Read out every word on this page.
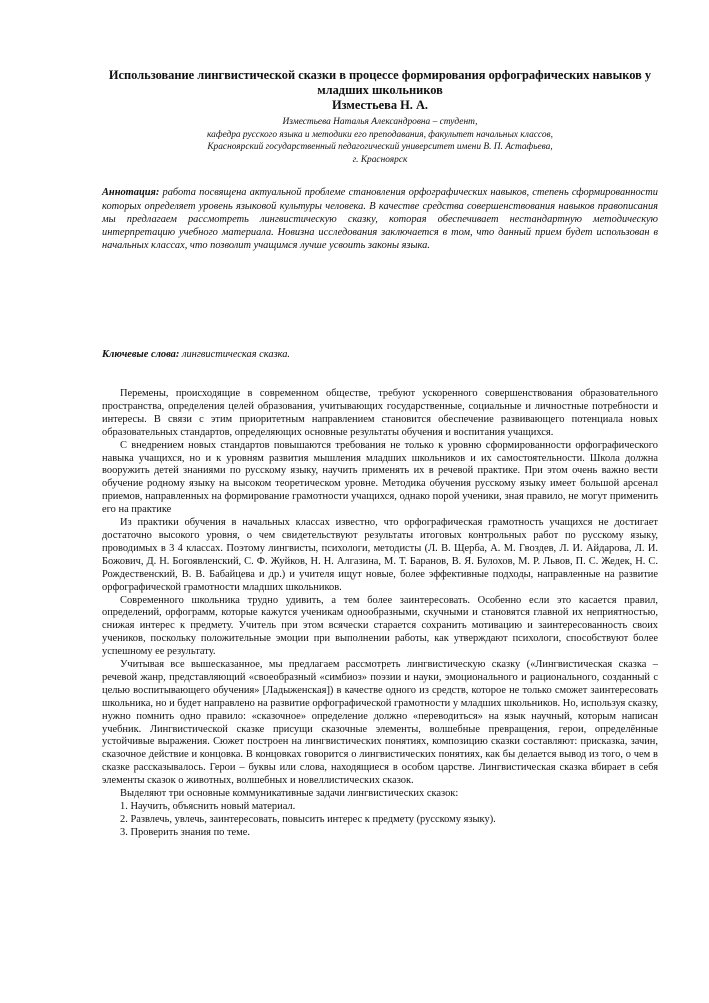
Использование лингвистической сказки в процессе формирования орфографических навыков у младших школьников

Изместьева Н. А.

Изместьева Наталья Александровна – студент,

кафедра русского языка и методики его преподавания, факультет начальных классов,

Красноярский государственный педагогический университет имени В. П. Астафьева,

г. Красноярск

Аннотация: работа посвящена актуальной проблеме становления орфографических навыков, степень сформированности которых определяет уровень языковой культуры человека. В качестве средства совершенствования навыков правописания мы предлагаем рассмотреть лингвистическую сказку, которая обеспечивает нестандартную методическую интерпретацию учебного материала. Новизна исследования заключается в том, что данный прием будет использован в начальных классах, что позволит учащимся лучше усвоить законы языка.
Ключевые слова: лингвистическая сказка.

Перемены, происходящие в современном обществе, требуют ускоренного совершенствования образовательного пространства, определения целей образования, учитывающих государственные, социальные и личностные потребности и интересы. В связи с этим приоритетным направлением становится обеспечение развивающего потенциала новых образовательных стандартов, определяющих основные результаты обучения и воспитания учащихся.

С внедрением новых стандартов повышаются требования не только к уровню сформированности орфографического навыка учащихся, но и к уровням развития мышления младших школьников и их самостоятельности. Школа должна вооружить детей знаниями по русскому языку, научить применять их в речевой практике. При этом очень важно вести обучение родному языку на высоком теоретическом уровне. Методика обучения русскому языку имеет большой арсенал приемов, направленных на формирование грамотности учащихся, однако порой ученики, зная правило, не могут применить его на практике

Из практики обучения в начальных классах известно, что орфографическая грамотность учащихся не достигает достаточно высокого уровня, о чем свидетельствуют результаты итоговых контрольных работ по русскому языку, проводимых в 3 4 классах. Поэтому лингвисты, психологи, методисты (Л. В. Щерба, А. М. Гвоздев, Л. И. Айдарова, Л. И. Божович, Д. Н. Богоявленский, С. Ф. Жуйков, Н. Н. Алгазина, М. Т. Баранов, В. Я. Булохов, М. Р. Львов, П. С. Жедек, Н. С. Рождественский, В. В. Бабайцева и др.) и учителя ищут новые, более эффективные подходы, направленные на развитие орфографической грамотности младших школьников.

Современного школьника трудно удивить, а тем более заинтересовать. Особенно если это касается правил, определений, орфограмм, которые кажутся ученикам однообразными, скучными и становятся главной их неприятностью, снижая интерес к предмету. Учитель при этом всячески старается сохранить мотивацию и заинтересованность своих учеников, поскольку положительные эмоции при выполнении работы, как утверждают психологи, способствуют более успешному ее результату.

Учитывая все вышесказанное, мы предлагаем рассмотреть лингвистическую сказку («Лингвистическая сказка – речевой жанр, представляющий «своеобразный «симбиоз» поэзии и науки, эмоционального и рационального, созданный с целью воспитывающего обучения» [Ладыженская]) в качестве одного из средств, которое не только сможет заинтересовать школьника, но и будет направлено на развитие орфографической грамотности у младших школьников. Но, используя сказку, нужно помнить одно правило: «сказочное» определение должно «переводиться» на язык научный, которым написан учебник. Лингвистической сказке присущи сказочные элементы, волшебные превращения, герои, определённые устойчивые выражения. Сюжет построен на лингвистических понятиях, композицию сказки составляют: присказка, зачин, сказочное действие и концовка. В концовках говорится о лингвистических понятиях, как бы делается вывод из того, о чем в сказке рассказывалось. Герои – буквы или слова, находящиеся в особом царстве. Лингвистическая сказка вбирает в себя элементы сказок о животных, волшебных и новеллистических сказок.

Выделяют три основные коммуникативные задачи лингвистических сказок:

1. Научить, объяснить новый материал.

2. Развлечь, увлечь, заинтересовать, повысить интерес к предмету (русскому языку).

3. Проверить знания по теме.
